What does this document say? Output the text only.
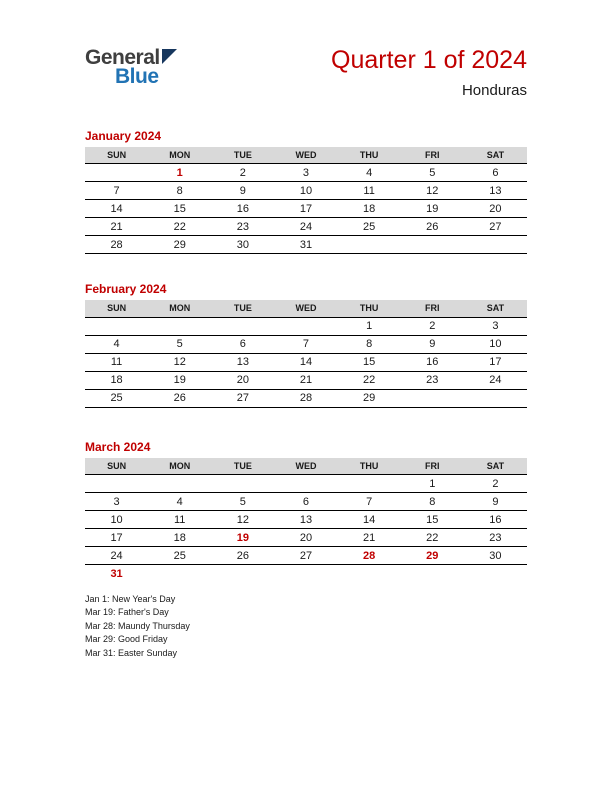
General
Blue
Quarter 1 of 2024
Honduras
January 2024
SUN	MON	TUE	WED	THU	FRI	SAT
	1	2	3	4	5	6
7	8	9	10	11	12	13
14	15	16	17	18	19	20
21	22	23	24	25	26	27
28	29	30	31			
February 2024
SUN	MON	TUE	WED	THU	FRI	SAT
				1	2	3
4	5	6	7	8	9	10
11	12	13	14	15	16	17
18	19	20	21	22	23	24
25	26	27	28	29		
March 2024
SUN	MON	TUE	WED	THU	FRI	SAT
					1	2
3	4	5	6	7	8	9
10	11	12	13	14	15	16
17	18	19	20	21	22	23
24	25	26	27	28	29	30
31						
Jan 1: New Year's Day
Mar 19: Father's Day
Mar 28: Maundy Thursday
Mar 29: Good Friday
Mar 31: Easter Sunday
